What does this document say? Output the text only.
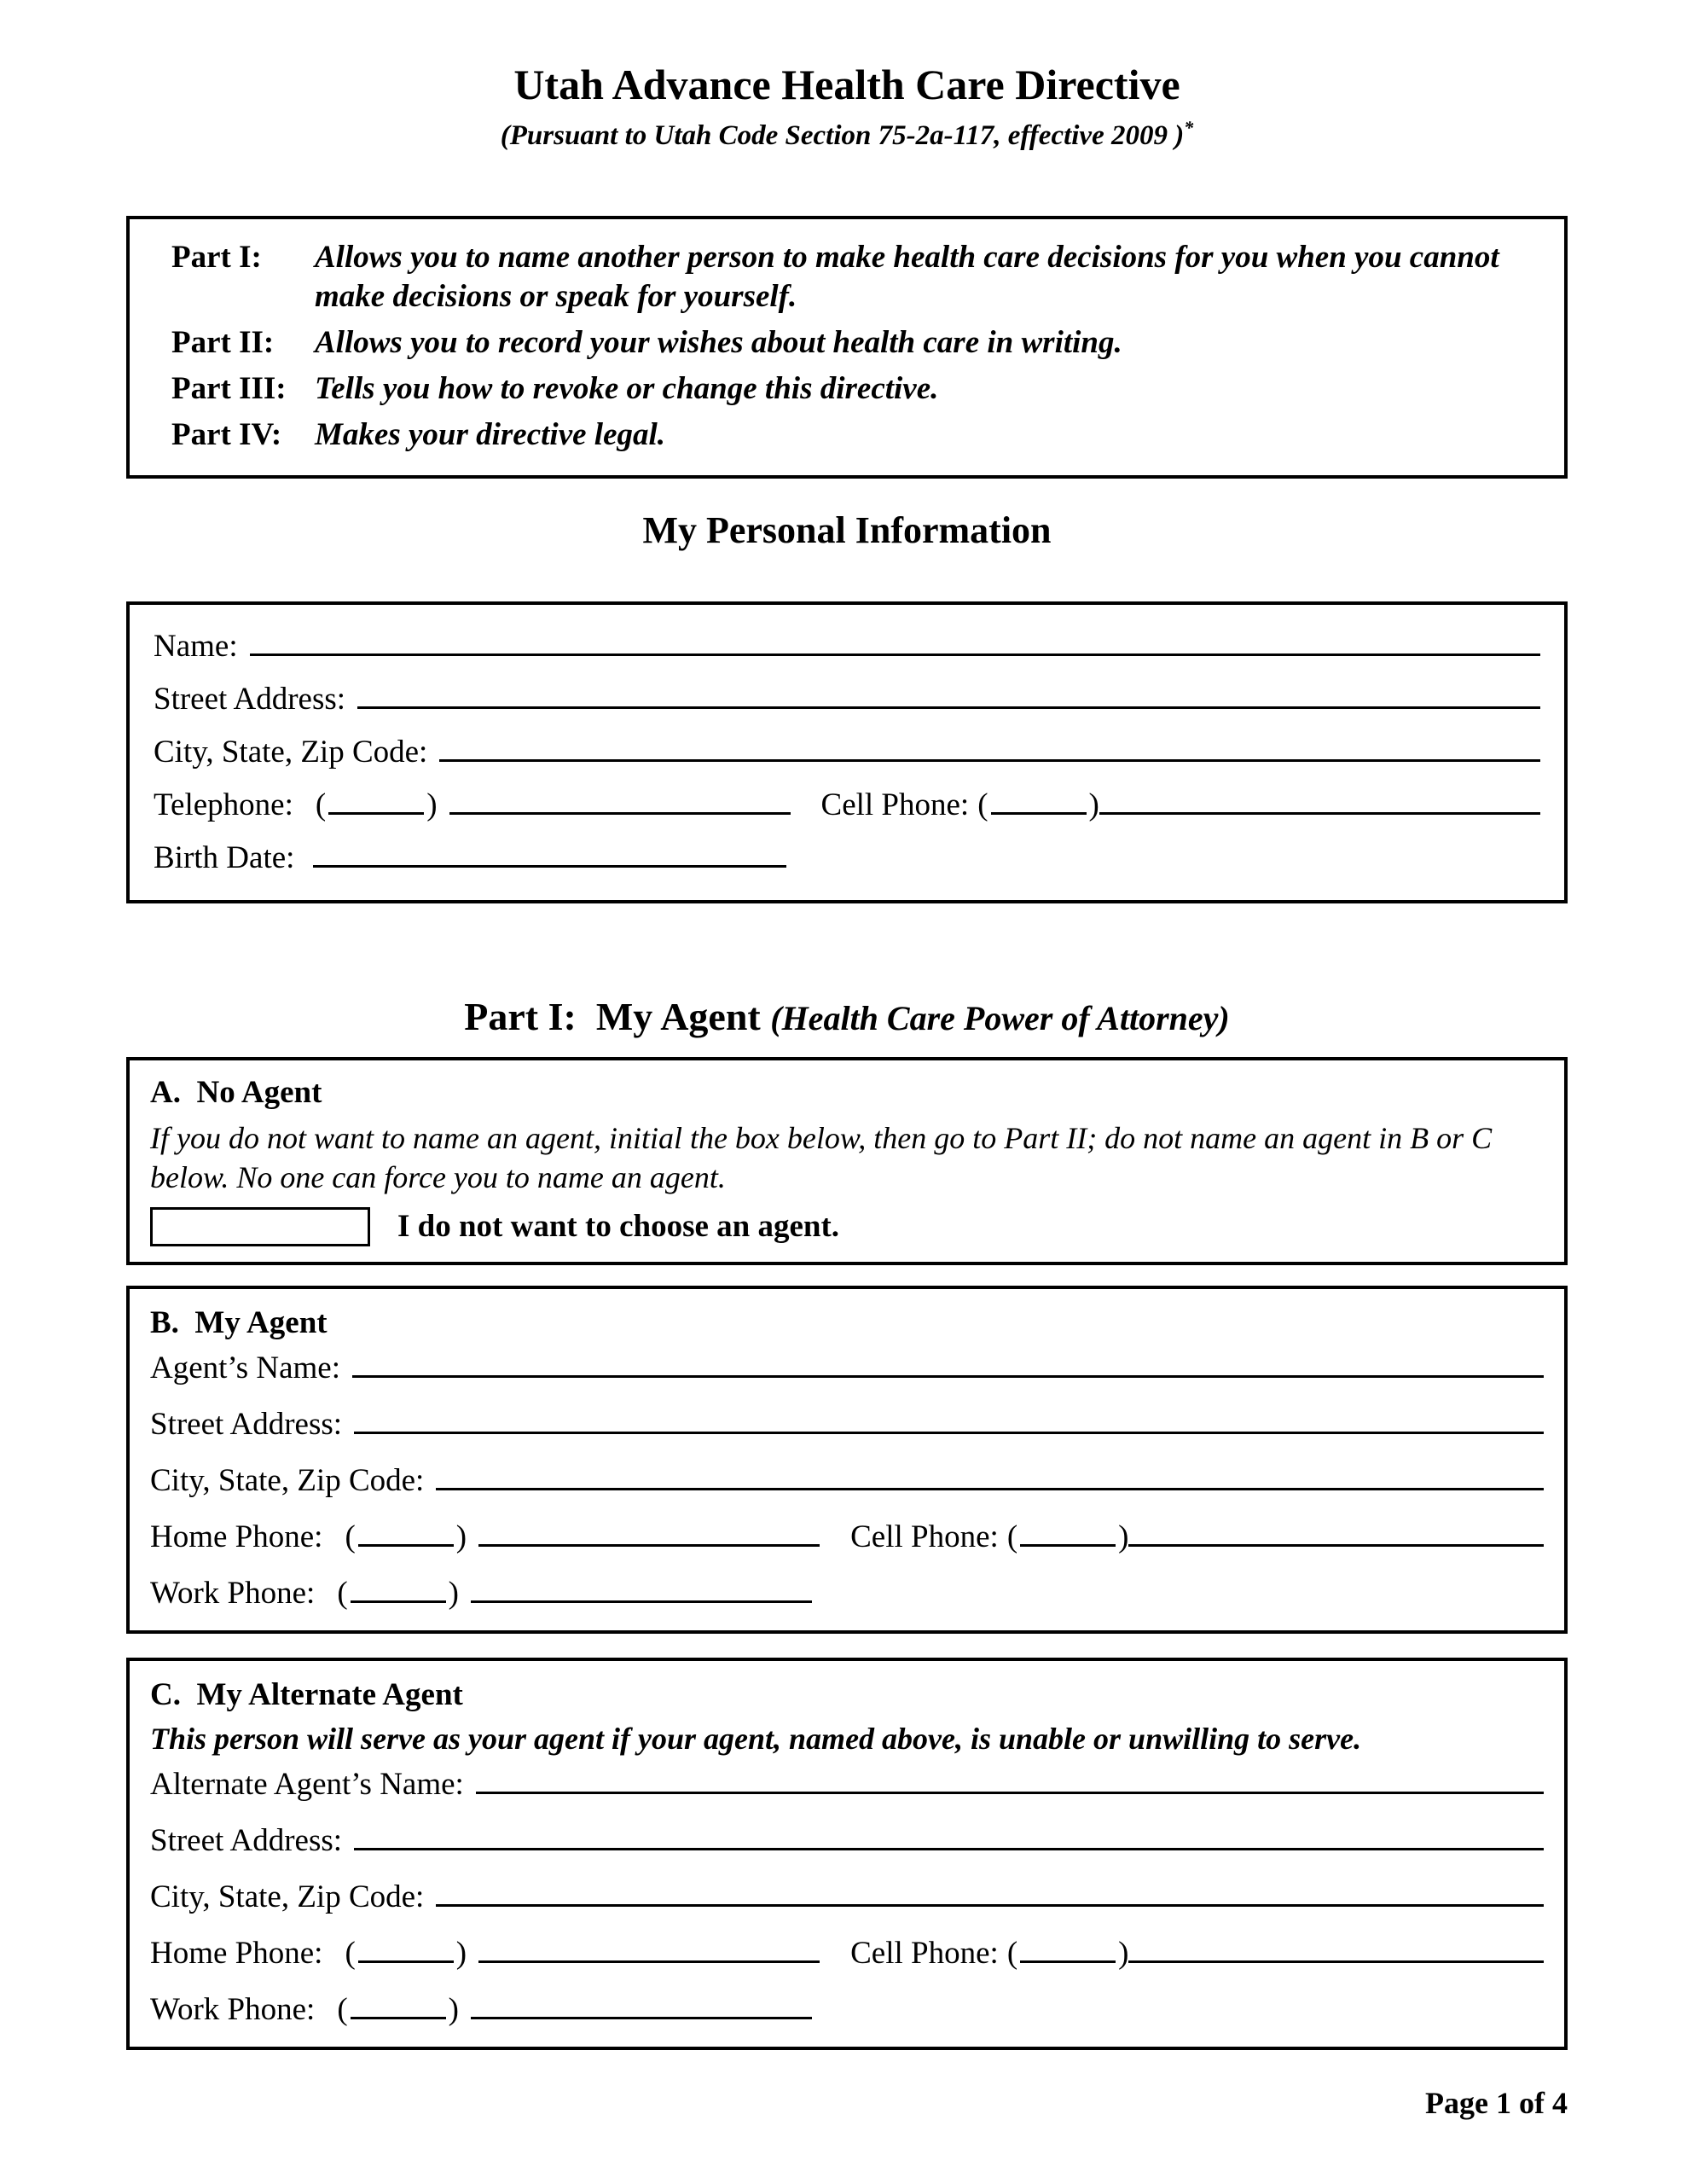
Utah Advance Health Care Directive
(Pursuant to Utah Code Section 75-2a-117, effective 2009 )*
Part I:	Allows you to name another person to make health care decisions for you when you cannot make decisions or speak for yourself.
Part II:	Allows you to record your wishes about health care in writing.
Part III: Tells you how to revoke or change this directive.
Part IV:	Makes your directive legal.
My Personal Information
Name:
Street Address:
City, State, Zip Code:
Telephone: (	)	Cell Phone: (	)
Birth Date:
Part I:  My Agent (Health Care Power of Attorney)
A.  No Agent

If you do not want to name an agent, initial the box below, then go to Part II; do not name an agent in B or C below. No one can force you to name an agent.

I do not want to choose an agent.
B.  My Agent
Agent’s Name:
Street Address:
City, State, Zip Code:
Home Phone: (	)	Cell Phone: (	)
Work Phone: (	)
C.  My Alternate Agent

This person will serve as your agent if your agent, named above, is unable or unwilling to serve.

Alternate Agent’s Name:
Street Address:
City, State, Zip Code:
Home Phone: (	)	Cell Phone: (	)
Work Phone: (	)
Page 1 of 4
